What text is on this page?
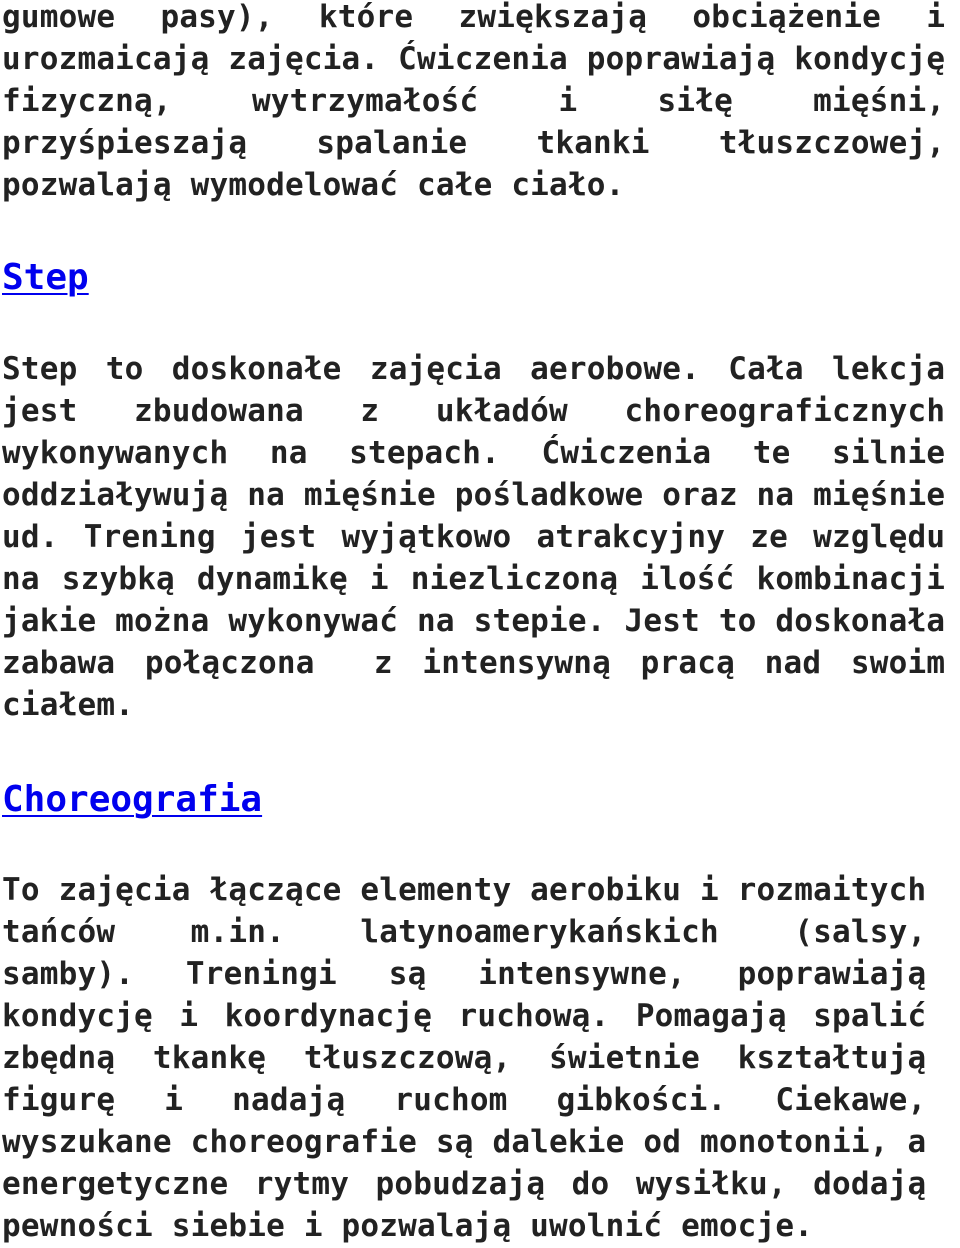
gumowe pasy), które zwiększają obciążenie i
urozmaicają zajęcia. Ćwiczenia poprawiają kondycję
fizyczną, wytrzymałość i siłę mięśni,
przyśpieszają spalanie tkanki tłuszczowej,
pozwalają wymodelować całe ciało.

Step

Step to doskonałe zajęcia aerobowe. Cała lekcja
jest zbudowana z układów choreograficznych
wykonywanych na stepach. Ćwiczenia te silnie
oddziaływują na mięśnie pośladkowe oraz na mięśnie
ud. Trening jest wyjątkowo atrakcyjny ze względu
na szybką dynamikę i niezliczoną ilość kombinacji
jakie można wykonywać na stepie. Jest to doskonała
zabawa połączona  z intensywną pracą nad swoim
ciałem.

Choreografia

To zajęcia łączące elementy aerobiku i rozmaitych
tańców m.in. latynoamerykańskich (salsy,
samby). Treningi są intensywne, poprawiają
kondycję i koordynację ruchową. Pomagają spalić
zbędną tkankę tłuszczową, świetnie kształtują
figurę i nadają ruchom gibkości. Ciekawe,
wyszukane choreografie są dalekie od monotonii, a
energetyczne rytmy pobudzają do wysiłku, dodają
pewności siebie i pozwalają uwolnić emocje.
